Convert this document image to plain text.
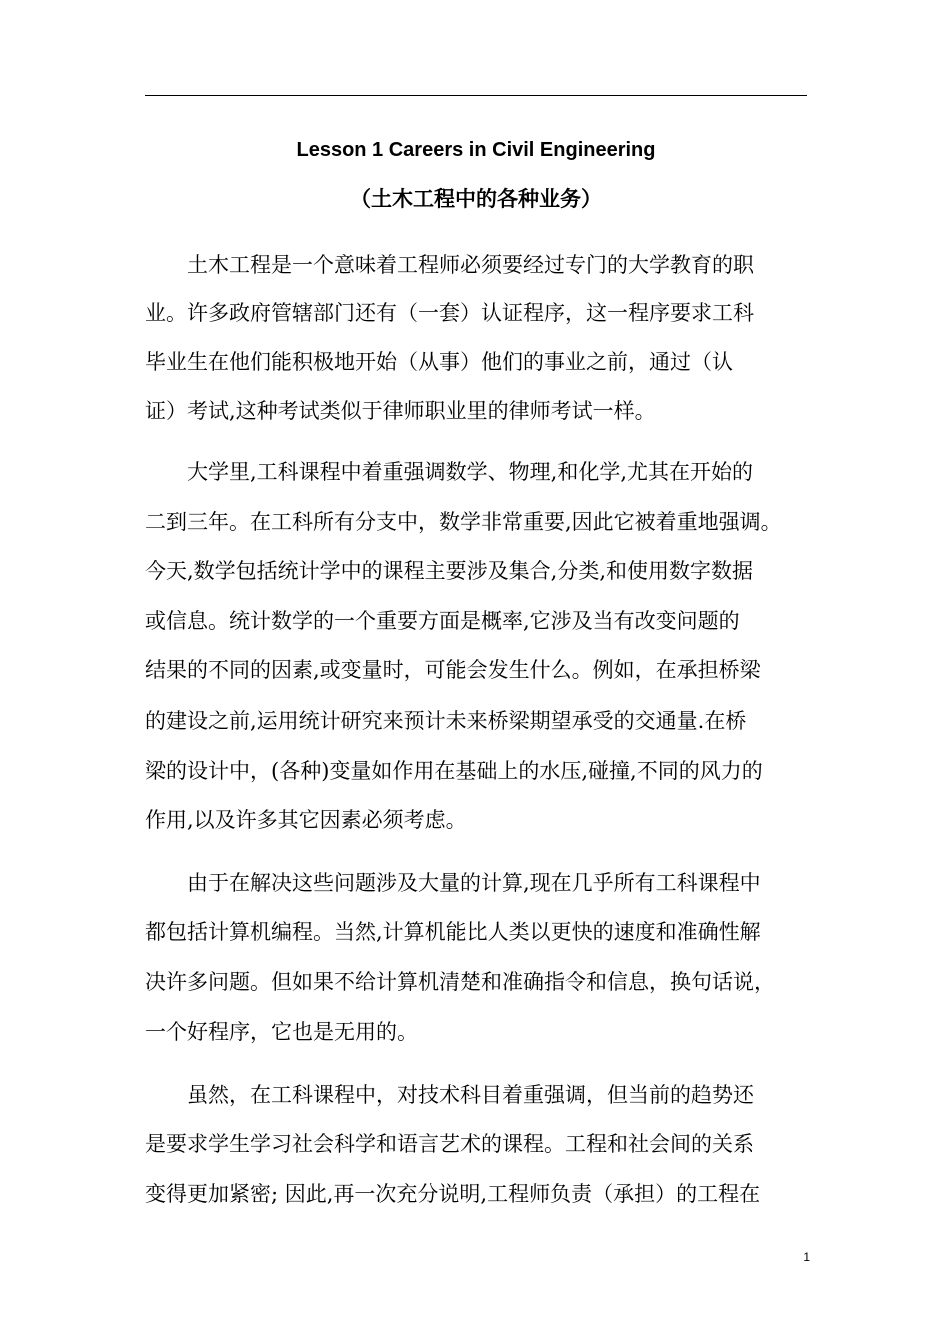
Lesson 1 Careers in Civil Engineering
（土木工程中的各种业务）
　　土木工程是一个意味着工程师必须要经过专门的大学教育的职
业。许多政府管辖部门还有（一套）认证程序，这一程序要求工科
毕业生在他们能积极地开始（从事）他们的事业之前，通过（认
证）考试,这种考试类似于律师职业里的律师考试一样。
　　大学里,工科课程中着重强调数学、物理,和化学,尤其在开始的
二到三年。在工科所有分支中，数学非常重要,因此它被着重地强调。
今天,数学包括统计学中的课程主要涉及集合,分类,和使用数字数据
或信息。统计数学的一个重要方面是概率,它涉及当有改变问题的
结果的不同的因素,或变量时，可能会发生什么。例如，在承担桥梁
的建设之前,运用统计研究来预计未来桥梁期望承受的交通量.在桥
梁的设计中，(各种)变量如作用在基础上的水压,碰撞,不同的风力的
作用,以及许多其它因素必须考虑。
　　由于在解决这些问题涉及大量的计算,现在几乎所有工科课程中
都包括计算机编程。当然,计算机能比人类以更快的速度和准确性解
决许多问题。但如果不给计算机清楚和准确指令和信息，换句话说，
一个好程序，它也是无用的。
　　虽然，在工科课程中，对技术科目着重强调，但当前的趋势还
是要求学生学习社会科学和语言艺术的课程。工程和社会间的关系
变得更加紧密; 因此,再一次充分说明,工程师负责（承担）的工程在
1
